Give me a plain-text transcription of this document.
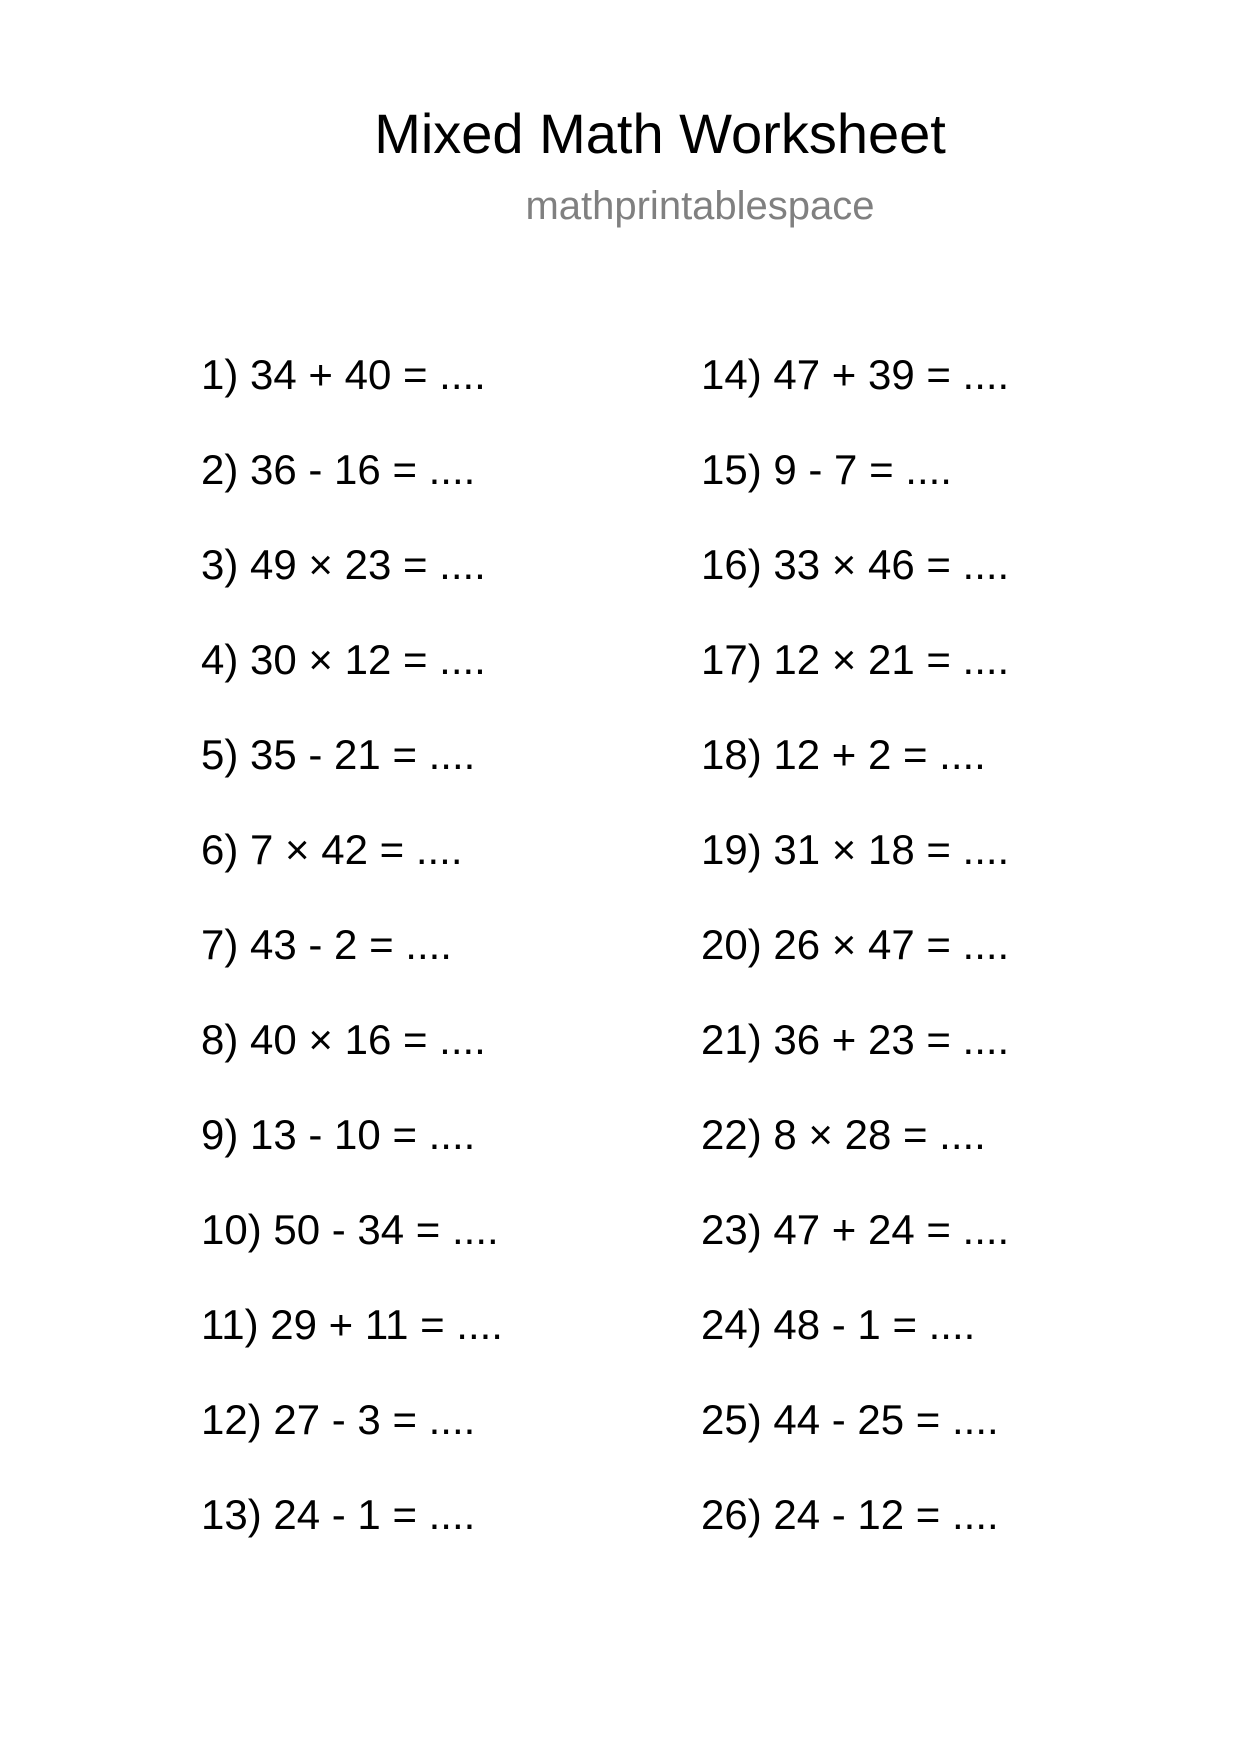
Mixed Math Worksheet
mathprintablespace
1) 34 + 40 = ....
2) 36 - 16 = ....
3) 49 × 23 = ....
4) 30 × 12 = ....
5) 35 - 21 = ....
6) 7 × 42 = ....
7) 43 - 2 = ....
8) 40 × 16 = ....
9) 13 - 10 = ....
10) 50 - 34 = ....
11) 29 + 11 = ....
12) 27 - 3 = ....
13) 24 - 1 = ....
14) 47 + 39 = ....
15) 9 - 7 = ....
16) 33 × 46 = ....
17) 12 × 21 = ....
18) 12 + 2 = ....
19) 31 × 18 = ....
20) 26 × 47 = ....
21) 36 + 23 = ....
22) 8 × 28 = ....
23) 47 + 24 = ....
24) 48 - 1 = ....
25) 44 - 25 = ....
26) 24 - 12 = ....
